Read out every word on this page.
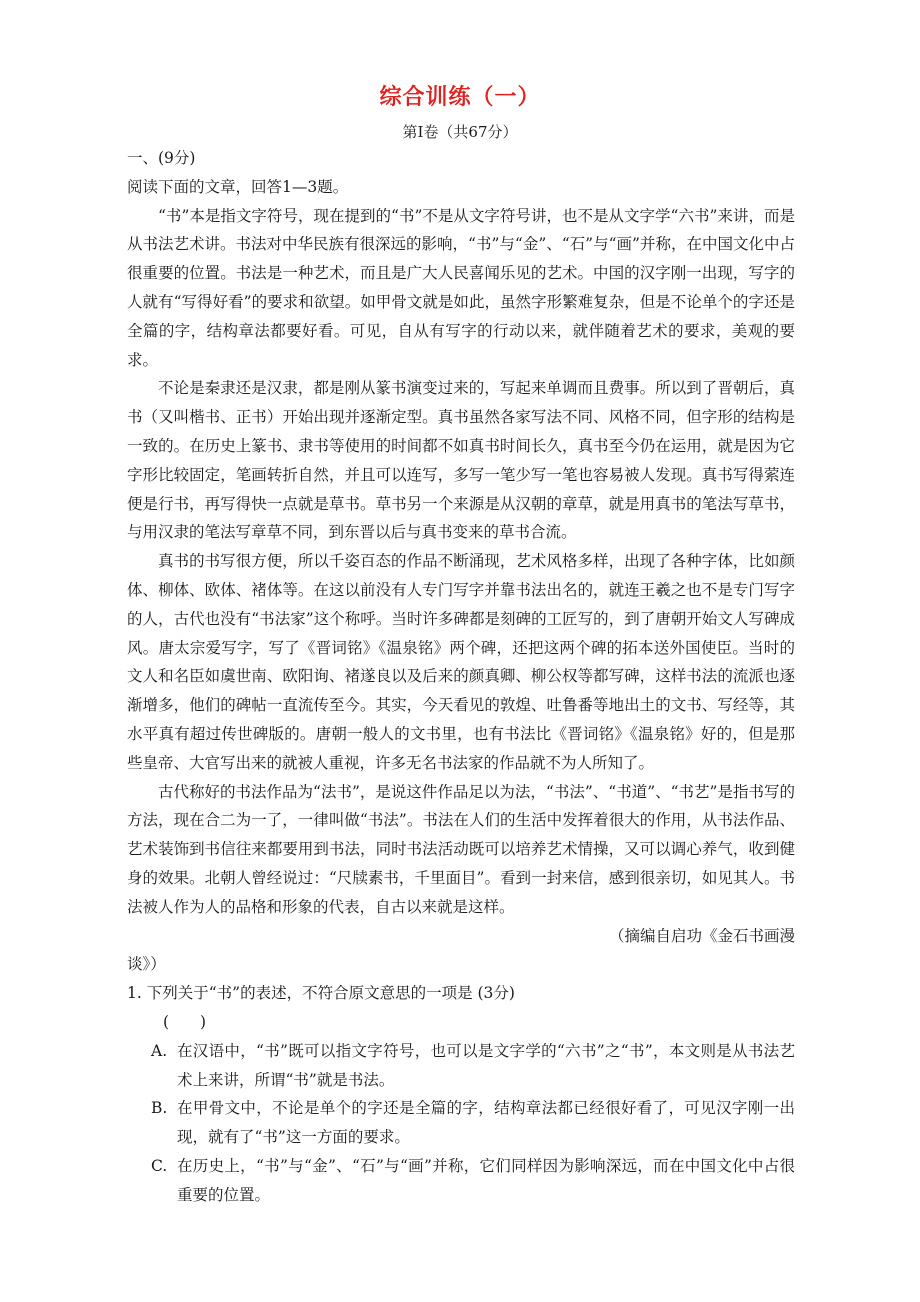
综合训练（一）
第Ⅰ卷（共67分）

一、(9分)

阅读下面的文章，回答1—3题。

“书”本是指文字符号，现在提到的“书”不是从文字符号讲，也不是从文字学“六书”来讲，而是从书法艺术讲。书法对中华民族有很深远的影响，“书”与“金”、“石”与“画”并称，在中国文化中占很重要的位置。书法是一种艺术，而且是广大人民喜闻乐见的艺术。中国的汉字刚一出现，写字的人就有“写得好看”的要求和欲望。如甲骨文就是如此，虽然字形繁难复杂，但是不论单个的字还是全篇的字，结构章法都要好看。可见，自从有写字的行动以来，就伴随着艺术的要求，美观的要求。

不论是秦隶还是汉隶，都是刚从篆书演变过来的，写起来单调而且费事。所以到了晋朝后，真书（又叫楷书、正书）开始出现并逐渐定型。真书虽然各家写法不同、风格不同，但字形的结构是一致的。在历史上篆书、隶书等使用的时间都不如真书时间长久，真书至今仍在运用，就是因为它字形比较固定，笔画转折自然，并且可以连写，多写一笔少写一笔也容易被人发现。真书写得萦连便是行书，再写得快一点就是草书。草书另一个来源是从汉朝的章草，就是用真书的笔法写草书，与用汉隶的笔法写章草不同，到东晋以后与真书变来的草书合流。

真书的书写很方便，所以千姿百态的作品不断涌现，艺术风格多样，出现了各种字体，比如颜体、柳体、欧体、褚体等。在这以前没有人专门写字并靠书法出名的，就连王羲之也不是专门写字的人，古代也没有“书法家”这个称呼。当时许多碑都是刻碑的工匠写的，到了唐朝开始文人写碑成风。唐太宗爱写字，写了《晋词铭》《温泉铭》两个碑，还把这两个碑的拓本送外国使臣。当时的文人和名臣如虞世南、欧阳询、褚遂良以及后来的颜真卿、柳公权等都写碑，这样书法的流派也逐渐增多，他们的碑帖一直流传至今。其实，今天看见的敦煌、吐鲁番等地出土的文书、写经等，其水平真有超过传世碑版的。唐朝一般人的文书里，也有书法比《晋词铭》《温泉铭》好的，但是那些皇帝、大官写出来的就被人重视，许多无名书法家的作品就不为人所知了。

古代称好的书法作品为“法书”，是说这件作品足以为法，“书法”、“书道”、“书艺”是指书写的方法，现在合二为一了，一律叫做“书法”。书法在人们的生活中发挥着很大的作用，从书法作品、艺术装饰到书信往来都要用到书法，同时书法活动既可以培养艺术情操，又可以调心养气，收到健身的效果。北朝人曾经说过：“尺牍素书，千里面目”。看到一封来信，感到很亲切，如见其人。书法被人作为人的品格和形象的代表，自古以来就是这样。

（摘编自启功《金石书画漫

谈》）

1. 下列关于“书”的表述，不符合原文意思的一项是 (3分)

(　　)

A. 在汉语中，“书”既可以指文字符号，也可以是文字学的“六书”之“书”，本文则是从书法艺术上来讲，所谓“书”就是书法。
B. 在甲骨文中，不论是单个的字还是全篇的字，结构章法都已经很好看了，可见汉字刚一出现，就有了“书”这一方面的要求。
C. 在历史上，“书”与“金”、“石”与“画”并称，它们同样因为影响深远，而在中国文化中占很重要的位置。
